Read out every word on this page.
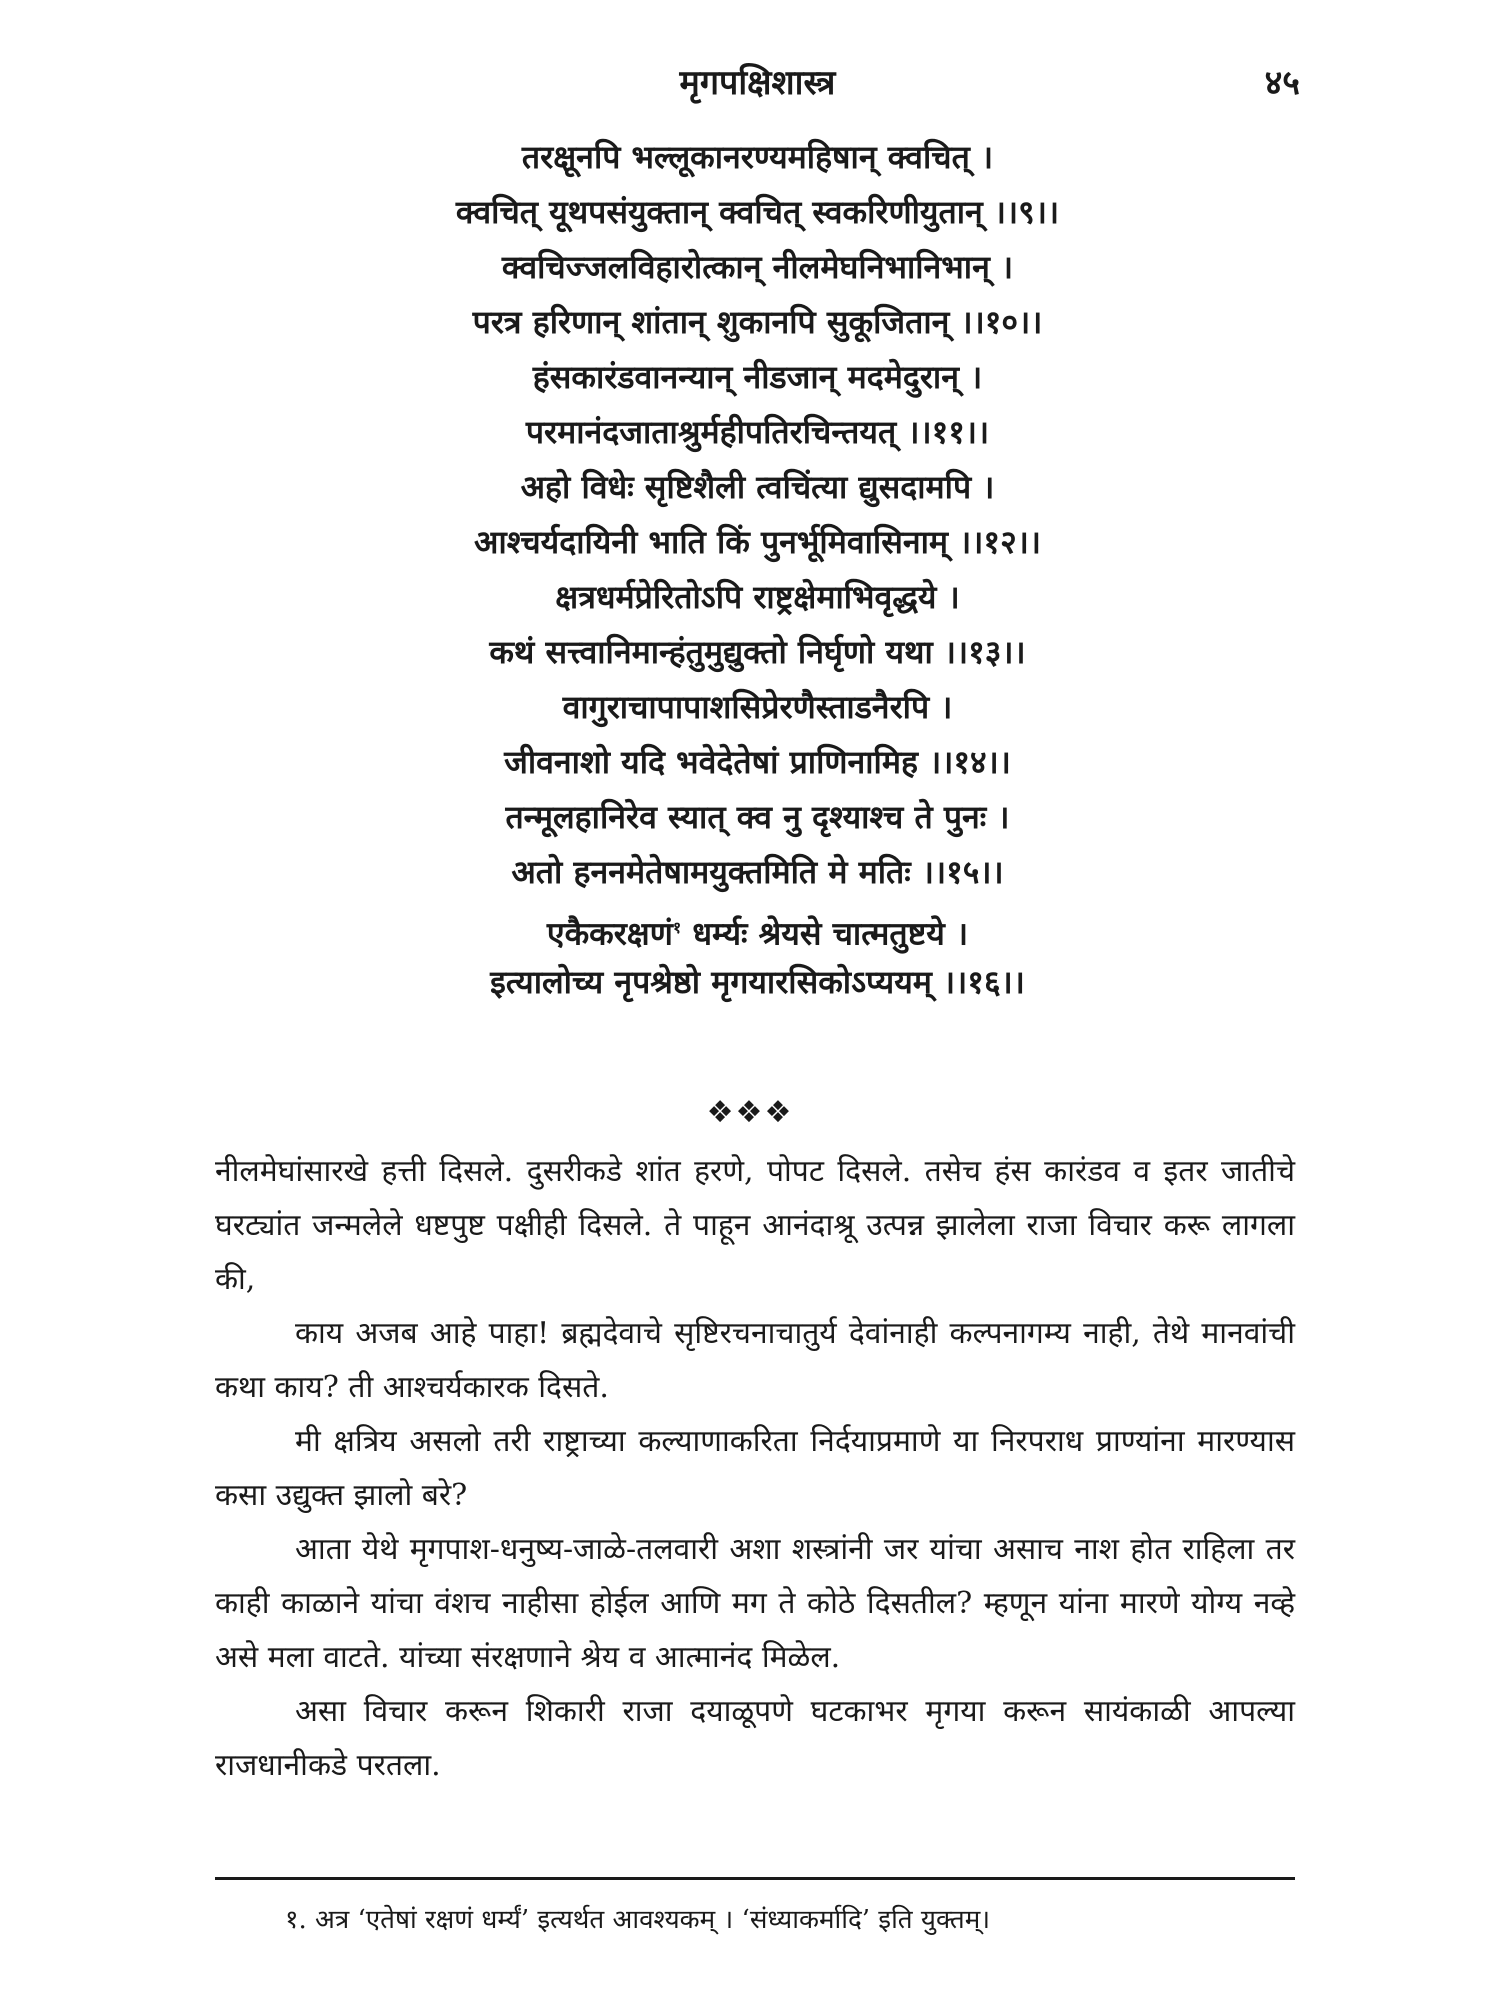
मृगपक्षिशास्त्र	४५
तरक्षूनपि भल्लूकानरण्यमहिषान् क्वचित् ।
क्वचित् यूथपसंयुक्तान् क्वचित् स्वकरिणीयुतान् ।।९।।
क्वचिज्जलविहारोत्कान् नीलमेघनिभानिभान् ।
परत्र हरिणान् शांतान् शुकानपि सुकूजितान् ।।१०।।
हंसकारंडवानन्यान् नीडजान् मदमेदुरान् ।
परमानंदजाताश्रुर्महीपतिरचिन्तयत् ।।११।।
अहो विधेः सृष्टिशैली त्वचिंत्या द्युसदामपि ।
आश्चर्यदायिनी भाति किं पुनर्भूमिवासिनाम् ।।१२।।
क्षत्रधर्मप्रेरितोऽपि राष्ट्रक्षेमाभिवृद्धये ।
कथं सत्त्वानिमान्हंतुमुद्युक्तो निर्घृणो यथा ।।१३।।
वागुराचापापाशसिप्रेरणैस्ताडनैरपि ।
जीवनाशो यदि भवेदेतेषां प्राणिनामिह ।।१४।।
तन्मूलहानिरेव स्यात् क्व नु दृश्याश्च ते पुनः ।
अतो हननमेतेषामयुक्तमिति मे मतिः ।।१५।।
एकैकरक्षणं$^१$ धर्म्यः श्रेयसे चात्मतुष्टये ।
इत्यालोच्य नृपश्रेष्ठो मृगयारसिकोऽप्ययम् ।।१६।।
❖❖❖

नीलमेघांसारखे हत्ती दिसले. दुसरीकडे शांत हरणे, पोपट दिसले. तसेच हंस कारंडव व इतर जातीचे घरट्यांत जन्मलेले धष्टपुष्ट पक्षीही दिसले. ते पाहून आनंदाश्रू उत्पन्न झालेला राजा विचार करू लागला की,

काय अजब आहे पाहा! ब्रह्मदेवाचे सृष्टिरचनाचातुर्य देवांनाही कल्पनागम्य नाही, तेथे मानवांची कथा काय? ती आश्चर्यकारक दिसते.

मी क्षत्रिय असलो तरी राष्ट्राच्या कल्याणाकरिता निर्दयाप्रमाणे या निरपराध प्राण्यांना मारण्यास कसा उद्युक्त झालो बरे?

आता येथे मृगपाश-धनुष्य-जाळे-तलवारी अशा शस्त्रांनी जर यांचा असाच नाश होत राहिला तर काही काळाने यांचा वंशच नाहीसा होईल आणि मग ते कोठे दिसतील? म्हणून यांना मारणे योग्य नव्हे असे मला वाटते. यांच्या संरक्षणाने श्रेय व आत्मानंद मिळेल.

असा विचार करून शिकारी राजा दयाळूपणे घटकाभर मृगया करून सायंकाळी आपल्या राजधानीकडे परतला.

१. अत्र ‘एतेषां रक्षणं धर्म्यं’ इत्यर्थत आवश्यकम् । ‘संध्याकर्मादि’ इति युक्तम्।
